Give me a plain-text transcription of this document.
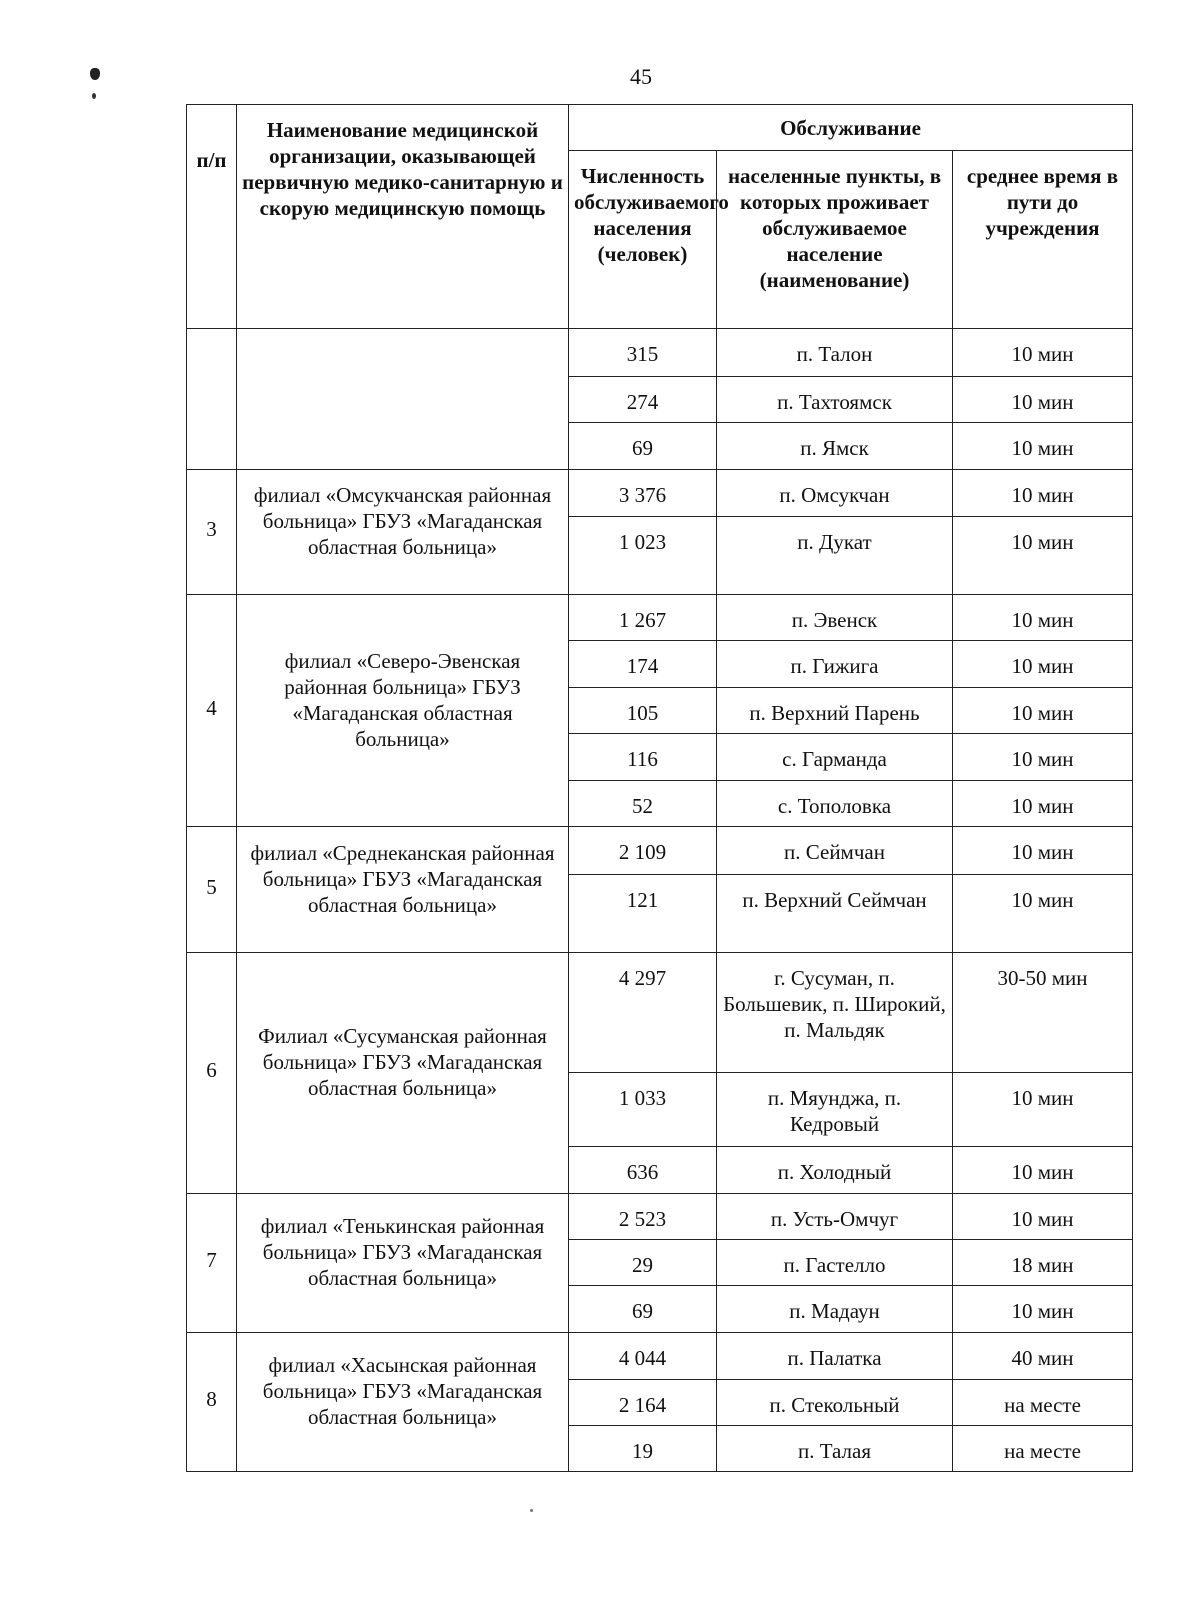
45
п/п	Наименование медицинской организации, оказывающей первичную медико-санитарную и скорую медицинскую помощь	Обслуживание		
		Численность обслуживаемого населения (человек)	населенные пункты, в которых проживает обслуживаемое население (наименование)	среднее время в пути до учреждения
		315	п. Талон	10 мин
		274	п. Тахтоямск	10 мин
		69	п. Ямск	10 мин
3	филиал «Омсукчанская районная больница» ГБУЗ «Магаданская областная больница»	3 376	п. Омсукчан	10 мин
		1 023	п. Дукат	10 мин
4	филиал «Северо-Эвенская районная больница» ГБУЗ «Магаданская областная больница»	1 267	п. Эвенск	10 мин
		174	п. Гижига	10 мин
		105	п. Верхний Парень	10 мин
		116	с. Гарманда	10 мин
		52	с. Тополовка	10 мин
5	филиал «Среднеканская районная больница» ГБУЗ «Магаданская областная больница»	2 109	п. Сеймчан	10 мин
		121	п. Верхний Сеймчан	10 мин
6	Филиал «Сусуманская районная больница» ГБУЗ «Магаданская областная больница»	4 297	г. Сусуман, п. Большевик, п. Широкий, п. Мальдяк	30-50 мин
		1 033	п. Мяунджа, п. Кедровый	10 мин
		636	п. Холодный	10 мин
7	филиал «Тенькинская районная больница» ГБУЗ «Магаданская областная больница»	2 523	п. Усть-Омчуг	10 мин
		29	п. Гастелло	18 мин
		69	п. Мадаун	10 мин
8	филиал «Хасынская районная больница» ГБУЗ «Магаданская областная больница»	4 044	п. Палатка	40 мин
		2 164	п. Стекольный	на месте
		19	п. Талая	на месте
